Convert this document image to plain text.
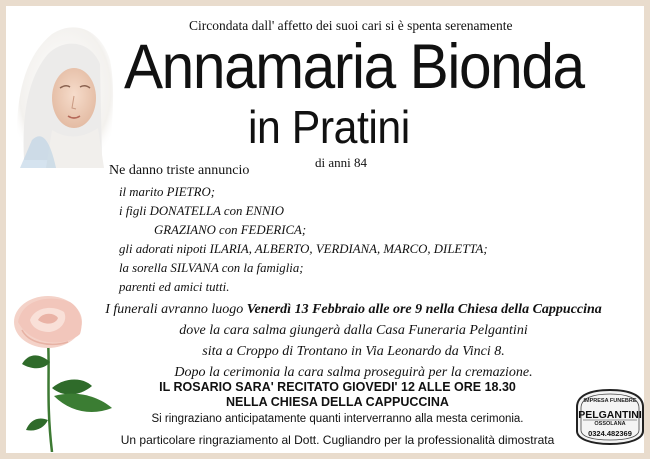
Circondata dall' affetto dei suoi cari si è spenta serenamente
Annamaria Bionda
in Pratini
di anni 84
Ne danno triste annuncio
il marito PIETRO;
i figli DONATELLA con ENNIO
GRAZIANO con FEDERICA;
gli adorati nipoti ILARIA, ALBERTO, VERDIANA, MARCO, DILETTA;
la sorella SILVANA con la famiglia;
parenti ed amici tutti.
I funerali avranno luogo Venerdì 13 Febbraio alle ore 9 nella Chiesa della Cappuccina
dove la cara salma giungerà dalla Casa Funeraria Pelgantini
sita a Croppo di Trontano in Via Leonardo da Vinci 8.
Dopo la cerimonia la cara salma proseguirà per la cremazione.
IL ROSARIO SARA' RECITATO GIOVEDI' 12 ALLE ORE 18.30
NELLA CHIESA DELLA CAPPUCCINA
Si ringraziano anticipatamente quanti interverranno alla mesta cerimonia.
Un particolare ringraziamento al Dott. Cugliandro per la professionalità dimostrata
IMPRESA FUNEBRE
PELGANTINI
OSSOLANA
0324.482369
